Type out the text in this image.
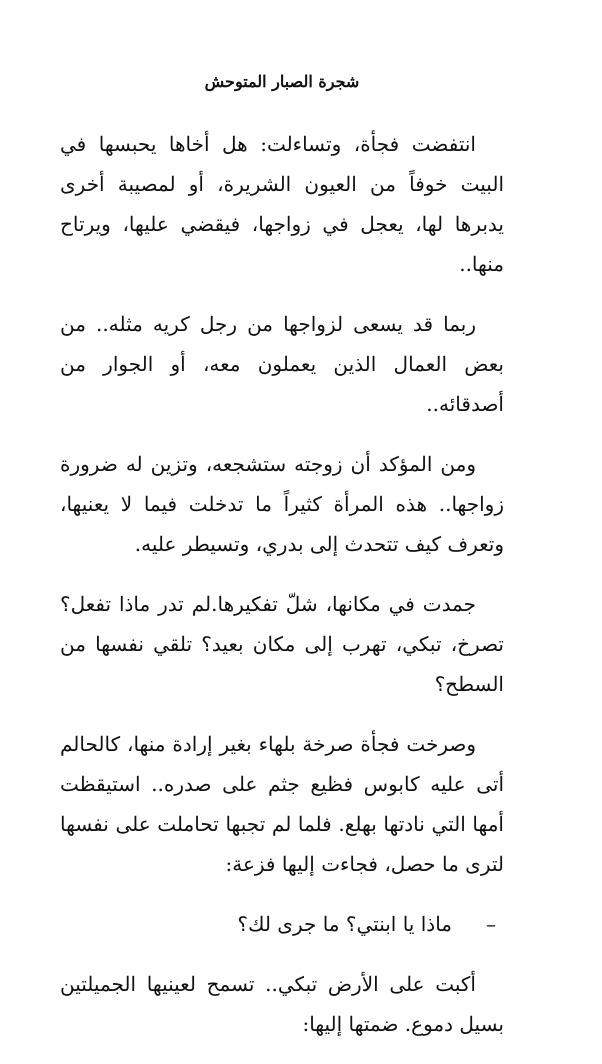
شجرة الصبار المتوحش

انتفضت فجأة، وتساءلت: هل أخاها يحبسها في البيت خوفاً من العيون الشريرة، أو لمصيبة أخرى يدبرها لها، يعجل في زواجها، فيقضي عليها، ويرتاح منها..

ربما قد يسعى لزواجها من رجل كريه مثله.. من بعض العمال الذين يعملون معه، أو الجوار من أصدقائه..

ومن المؤكد أن زوجته ستشجعه، وتزين له ضرورة زواجها.. هذه المرأة كثيراً ما تدخلت فيما لا يعنيها، وتعرف كيف تتحدث إلى بدري، وتسيطر عليه.

جمدت في مكانها، شلّ تفكيرها.لم تدر ماذا تفعل؟ تصرخ، تبكي، تهرب إلى مكان بعيد؟ تلقي نفسها من السطح؟

وصرخت فجأة صرخة بلهاء بغير إرادة منها، كالحالم أتى عليه كابوس فظيع جثم على صدره.. استيقظت أمها التي نادتها بهلع. فلما لم تجبها تحاملت على نفسها لترى ما حصل، فجاءت إليها فزعة:

–
ماذا يا ابنتي؟ ما جرى لك؟

أكبت على الأرض تبكي.. تسمح لعينيها الجميلتين بسيل دموع. ضمتها إليها:
